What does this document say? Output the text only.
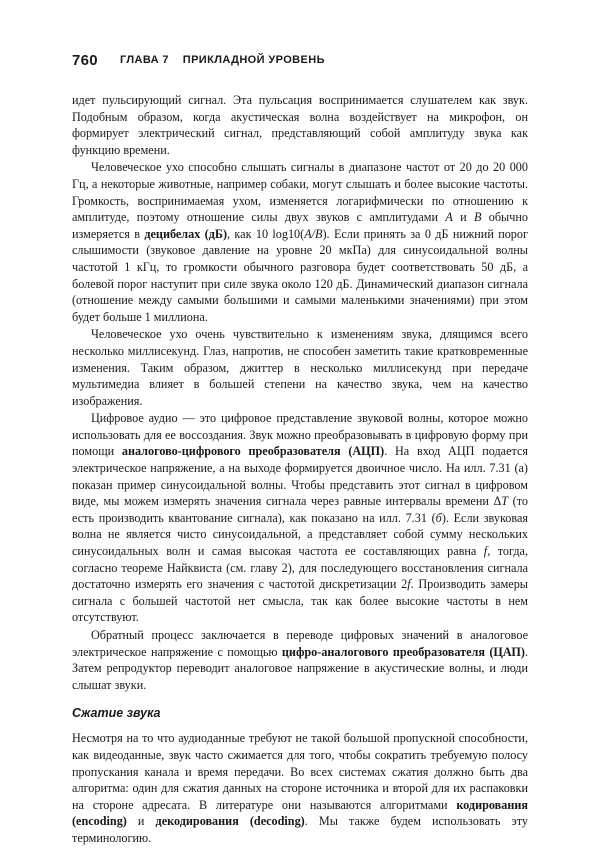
760 ГЛАВА 7    ПРИКЛАДНОЙ УРОВЕНЬ

идет пульсирующий сигнал. Эта пульсация воспринимается слушателем как звук. Подобным образом, когда акустическая волна воздействует на микрофон, он формирует электрический сигнал, представляющий собой амплитуду звука как функцию времени.

Человеческое ухо способно слышать сигналы в диапазоне частот от 20 до 20 000 Гц, а некоторые животные, например собаки, могут слышать и более высокие частоты. Громкость, воспринимаемая ухом, изменяется логарифмически по отношению к амплитуде, поэтому отношение силы двух звуков с амплитудами A и B обычно измеряется в децибелах (дБ), как 10 log10(A/B). Если принять за 0 дБ нижний порог слышимости (звуковое давление на уровне 20 мкПа) для синусоидальной волны частотой 1 кГц, то громкости обычного разговора будет соответствовать 50 дБ, а болевой порог наступит при силе звука около 120 дБ. Динамический диапазон сигнала (отношение между самыми большими и самыми маленькими значениями) при этом будет больше 1 миллиона.

Человеческое ухо очень чувствительно к изменениям звука, длящимся всего несколько миллисекунд. Глаз, напротив, не способен заметить такие кратковременные изменения. Таким образом, джиттер в несколько миллисекунд при передаче мультимедиа влияет в большей степени на качество звука, чем на качество изображения.

Цифровое аудио — это цифровое представление звуковой волны, которое можно использовать для ее воссоздания. Звук можно преобразовывать в цифровую форму при помощи аналогово-цифрового преобразователя (АЦП). На вход АЦП подается электрическое напряжение, а на выходе формируется двоичное число. На илл. 7.31 (а) показан пример синусоидальной волны. Чтобы представить этот сигнал в цифровом виде, мы можем измерять значения сигнала через равные интервалы времени ΔT (то есть производить квантование сигнала), как показано на илл. 7.31 (б). Если звуковая волна не является чисто синусоидальной, а представляет собой сумму нескольких синусоидальных волн и самая высокая частота ее составляющих равна f, тогда, согласно теореме Найквиста (см. главу 2), для последующего восстановления сигнала достаточно измерять его значения с частотой дискретизации 2f. Производить замеры сигнала с большей частотой нет смысла, так как более высокие частоты в нем отсутствуют.

Обратный процесс заключается в переводе цифровых значений в аналоговое электрическое напряжение с помощью цифро-аналогового преобразователя (ЦАП). Затем репродуктор переводит аналоговое напряжение в акустические волны, и люди слышат звуки.

Сжатие звука

Несмотря на то что аудиоданные требуют не такой большой пропускной способности, как видеоданные, звук часто сжимается для того, чтобы сократить требуемую полосу пропускания канала и время передачи. Во всех системах сжатия должно быть два алгоритма: один для сжатия данных на стороне источника и второй для их распаковки на стороне адресата. В литературе они называются алгоритмами кодирования (encoding) и декодирования (decoding). Мы также будем использовать эту терминологию.
